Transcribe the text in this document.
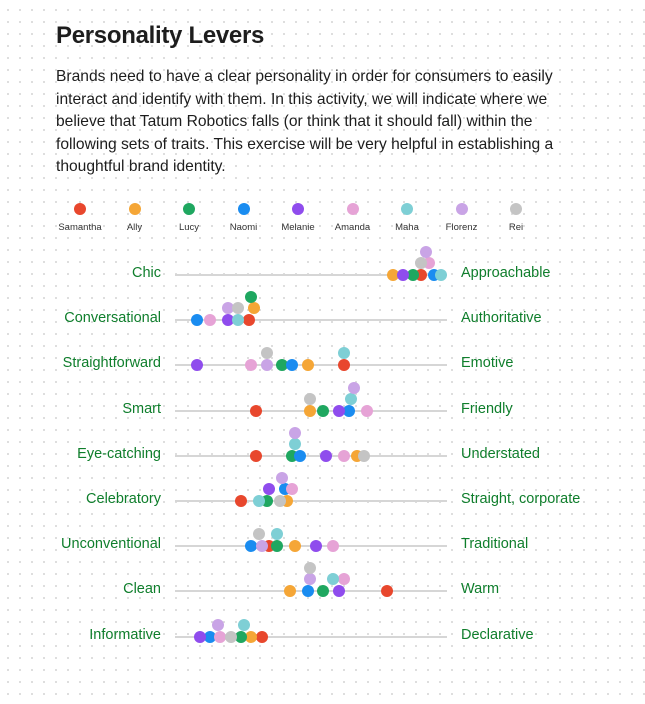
Personality Levers

Brands need to have a clear personality in order for consumers to easily interact and identify with them. In this activity, we will indicate where we believe that Tatum Robotics falls (or think that it should fall) within the following sets of traits. This exercise will be very helpful in establishing a thoughtful brand identity.

Samantha	Ally	Lucy	Naomi	Melanie	Amanda	Maha	Florenz	Rei
Chic	Approachable
Conversational	Authoritative
Straightforward	Emotive
Smart	Friendly
Eye-catching	Understated
Celebratory	Straight, corporate
Unconventional	Traditional
Clean	Warm
Informative	Declarative
